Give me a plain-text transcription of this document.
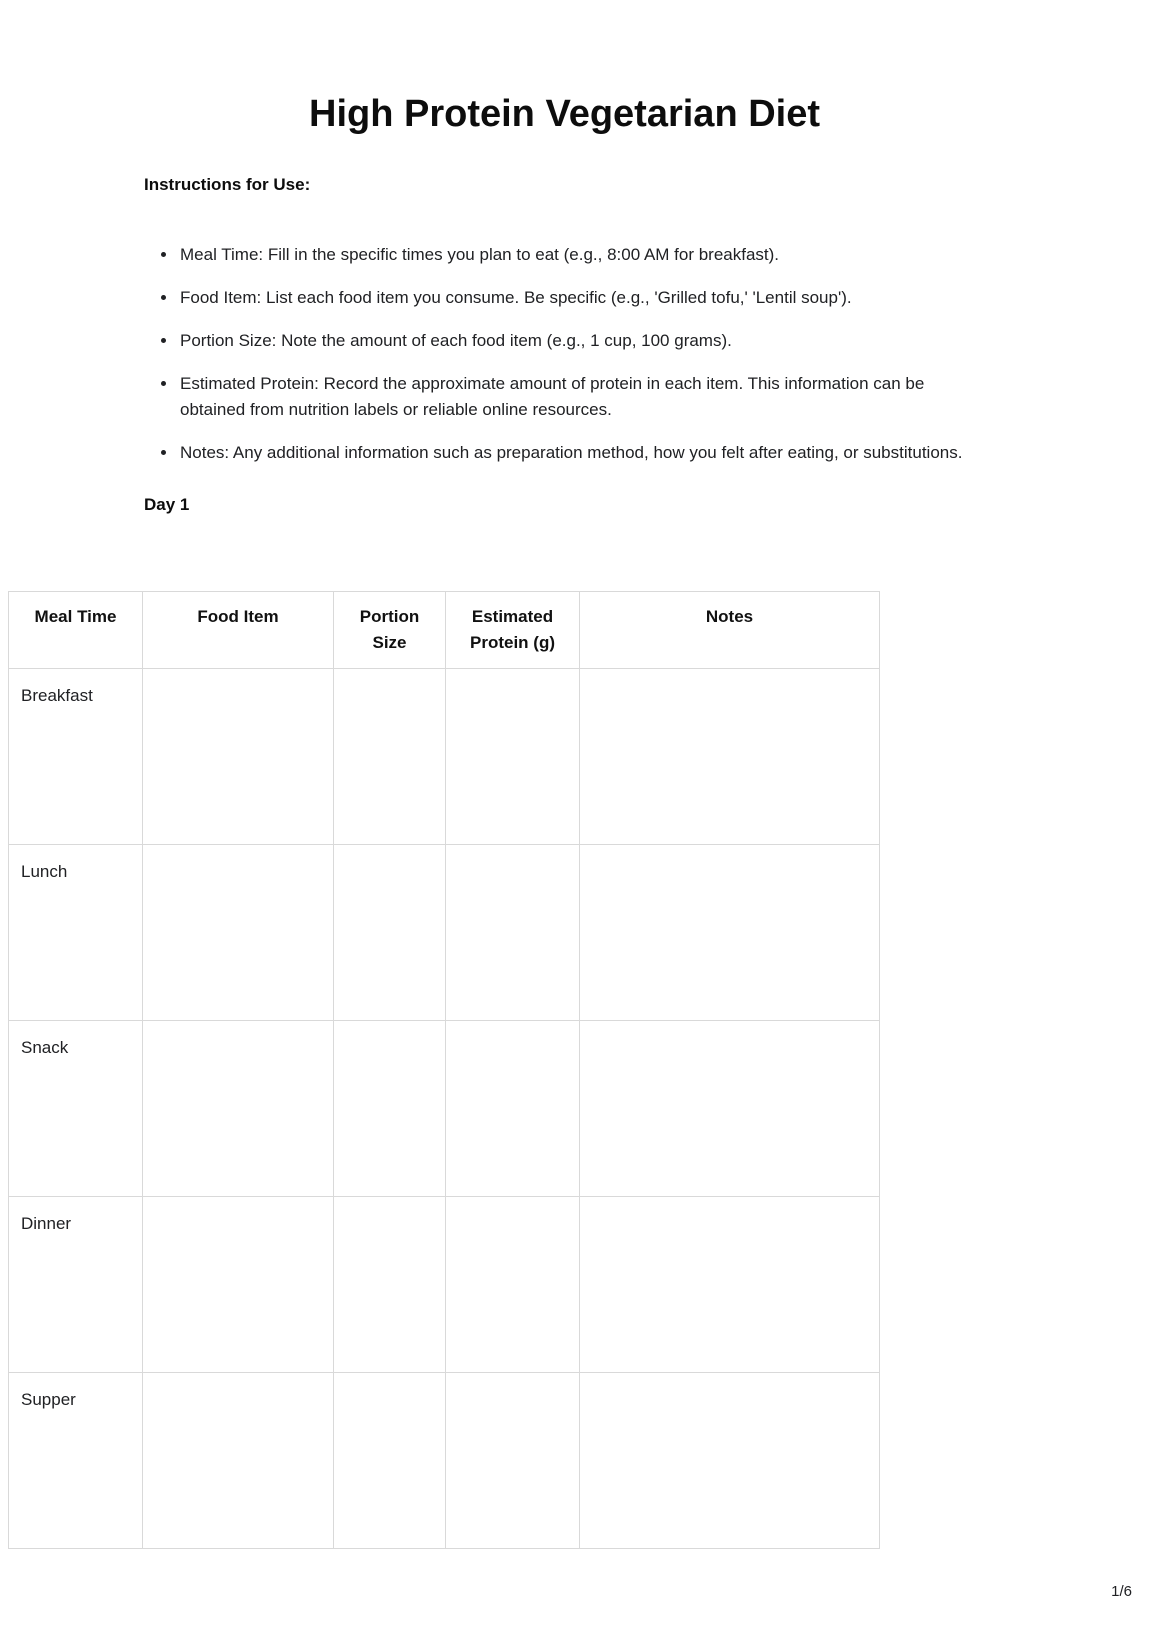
High Protein Vegetarian Diet
Instructions for Use:
• Meal Time: Fill in the specific times you plan to eat (e.g., 8:00 AM for breakfast).
• Food Item: List each food item you consume. Be specific (e.g., 'Grilled tofu,' 'Lentil soup').
• Portion Size: Note the amount of each food item (e.g., 1 cup, 100 grams).
• Estimated Protein: Record the approximate amount of protein in each item. This information can be obtained from nutrition labels or reliable online resources.
• Notes: Any additional information such as preparation method, how you felt after eating, or substitutions.
Day 1
Meal Time	Food Item	Portion Size	Estimated Protein (g)	Notes
Breakfast				
Lunch				
Snack				
Dinner				
Supper				
1/6
